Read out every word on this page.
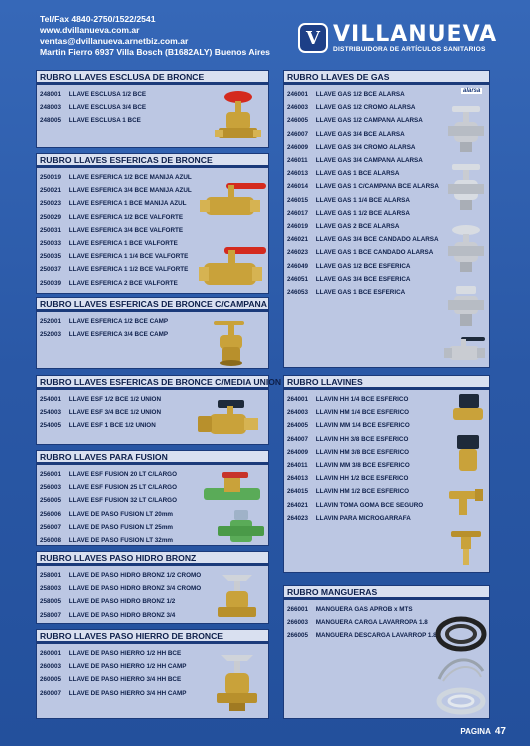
Tel/Fax 4840-2750/1522/2541
www.dvillanueva.com.ar
ventas@dvillanueva.arnetbiz.com.ar
Martin Fierro 6937 Villa Bosch (B1682ALY) Buenos Aires
V VILLANUEVA
DISTRIBUIDORA DE ARTÍCULOS SANITARIOS
RUBRO LLAVES ESCLUSA DE BRONCE
248001 LLAVE ESCLUSA 1/2 BCE
248003 LLAVE ESCLUSA 3/4 BCE
248005 LLAVE ESCLUSA 1 BCE
RUBRO LLAVES ESFERICAS DE BRONCE
250019 LLAVE ESFERICA 1/2 BCE MANIJA AZUL
250021 LLAVE ESFERICA 3/4 BCE MANIJA AZUL
250023 LLAVE ESFERICA 1 BCE MANIJA AZUL
250029 LLAVE ESFERICA 1/2 BCE VALFORTE
250031 LLAVE ESFERICA 3/4 BCE VALFORTE
250033 LLAVE ESFERICA 1 BCE VALFORTE
250035 LLAVE ESFERICA 1 1/4 BCE VALFORTE
250037 LLAVE ESFERICA 1 1/2 BCE VALFORTE
250039 LLAVE ESFERICA 2 BCE VALFORTE
RUBRO LLAVES ESFERICAS DE BRONCE C/CAMPANA
252001 LLAVE ESFERICA 1/2 BCE CAMP
252003 LLAVE ESFERICA 3/4 BCE CAMP
RUBRO LLAVES ESFERICAS DE BRONCE C/MEDIA UNION
254001 LLAVE ESF 1/2 BCE 1/2 UNION
254003 LLAVE ESF 3/4 BCE 1/2 UNION
254005 LLAVE ESF 1 BCE 1/2 UNION
RUBRO LLAVES PARA FUSION
256001 LLAVE ESF FUSION 20 LT C/LARGO
256003 LLAVE ESF FUSION 25 LT C/LARGO
256005 LLAVE ESF FUSION 32 LT C/LARGO
256006 LLAVE DE PASO FUSION LT 20mm
256007 LLAVE DE PASO FUSION LT 25mm
256008 LLAVE DE PASO FUSION LT 32mm
RUBRO LLAVES PASO HIDRO BRONZ
258001 LLAVE DE PASO HIDRO BRONZ 1/2 CROMO
258003 LLAVE DE PASO HIDRO BRONZ 3/4 CROMO
258005 LLAVE DE PASO HIDRO BRONZ 1/2
258007 LLAVE DE PASO HIDRO BRONZ 3/4
RUBRO LLAVES PASO HIERRO DE BRONCE
260001 LLAVE DE PASO HIERRO 1/2 HH BCE
260003 LLAVE DE PASO HIERRO 1/2 HH CAMP
260005 LLAVE DE PASO HIERRO 3/4 HH BCE
260007 LLAVE DE PASO HIERRO 3/4 HH CAMP
RUBRO LLAVES DE GAS
246001 LLAVE GAS 1/2 BCE ALARSA
246003 LLAVE GAS 1/2 CROMO ALARSA
246005 LLAVE GAS 1/2 CAMPANA ALARSA
246007 LLAVE GAS 3/4 BCE ALARSA
246009 LLAVE GAS 3/4 CROMO ALARSA
246011 LLAVE GAS 3/4 CAMPANA ALARSA
246013 LLAVE GAS 1 BCE ALARSA
246014 LLAVE GAS 1 C/CAMPANA BCE ALARSA
246015 LLAVE GAS 1 1/4 BCE ALARSA
246017 LLAVE GAS 1 1/2 BCE ALARSA
246019 LLAVE GAS 2 BCE ALARSA
246021 LLAVE GAS 3/4 BCE CANDADO ALARSA
246023 LLAVE GAS 1 BCE CANDADO ALARSA
246049 LLAVE GAS 1/2 BCE ESFERICA
246051 LLAVE GAS 3/4 BCE ESFERICA
246053 LLAVE GAS 1 BCE ESFERICA
alarsa
RUBRO LLAVINES
264001 LLAVIN HH 1/4 BCE ESFERICO
264003 LLAVIN HM 1/4 BCE ESFERICO
264005 LLAVIN MM 1/4 BCE ESFERICO
264007 LLAVIN HH 3/8 BCE ESFERICO
264009 LLAVIN HM 3/8 BCE ESFERICO
264011 LLAVIN MM 3/8 BCE ESFERICO
264013 LLAVIN HH 1/2 BCE ESFERICO
264015 LLAVIN HM 1/2 BCE ESFERICO
264021 LLAVIN TOMA GOMA BCE SEGURO
264023 LLAVIN PARA MICROGARRAFA
RUBRO MANGUERAS
266001 MANGUERA GAS APROB x MTS
266003 MANGUERA CARGA LAVARROPA 1.8
266005 MANGUERA DESCARGA LAVARROP 1.8
PAGINA 47
